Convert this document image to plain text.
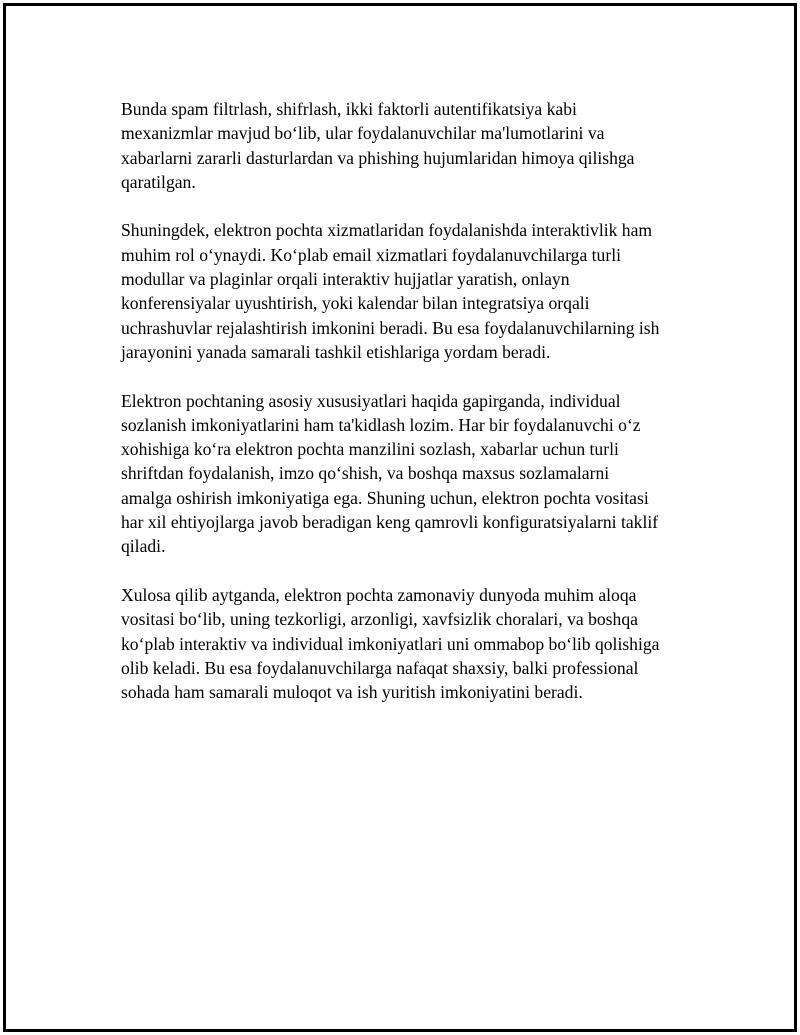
Bunda spam filtrlash, shifrlash, ikki faktorli autentifikatsiya kabi
mexanizmlar mavjud bo‘lib, ular foydalanuvchilar ma'lumotlarini va
xabarlarni zararli dasturlardan va phishing hujumlaridan himoya qilishga
qaratilgan.

Shuningdek, elektron pochta xizmatlaridan foydalanishda interaktivlik ham
muhim rol o‘ynaydi. Ko‘plab email xizmatlari foydalanuvchilarga turli
modullar va plaginlar orqali interaktiv hujjatlar yaratish, onlayn
konferensiyalar uyushtirish, yoki kalendar bilan integratsiya orqali
uchrashuvlar rejalashtirish imkonini beradi. Bu esa foydalanuvchilarning ish
jarayonini yanada samarali tashkil etishlariga yordam beradi.

Elektron pochtaning asosiy xususiyatlari haqida gapirganda, individual
sozlanish imkoniyatlarini ham ta'kidlash lozim. Har bir foydalanuvchi o‘z
xohishiga ko‘ra elektron pochta manzilini sozlash, xabarlar uchun turli
shriftdan foydalanish, imzo qo‘shish, va boshqa maxsus sozlamalarni
amalga oshirish imkoniyatiga ega. Shuning uchun, elektron pochta vositasi
har xil ehtiyojlarga javob beradigan keng qamrovli konfiguratsiyalarni taklif
qiladi.

Xulosa qilib aytganda, elektron pochta zamonaviy dunyoda muhim aloqa
vositasi bo‘lib, uning tezkorligi, arzonligi, xavfsizlik choralari, va boshqa
ko‘plab interaktiv va individual imkoniyatlari uni ommabop bo‘lib qolishiga
olib keladi. Bu esa foydalanuvchilarga nafaqat shaxsiy, balki professional
sohada ham samarali muloqot va ish yuritish imkoniyatini beradi.
